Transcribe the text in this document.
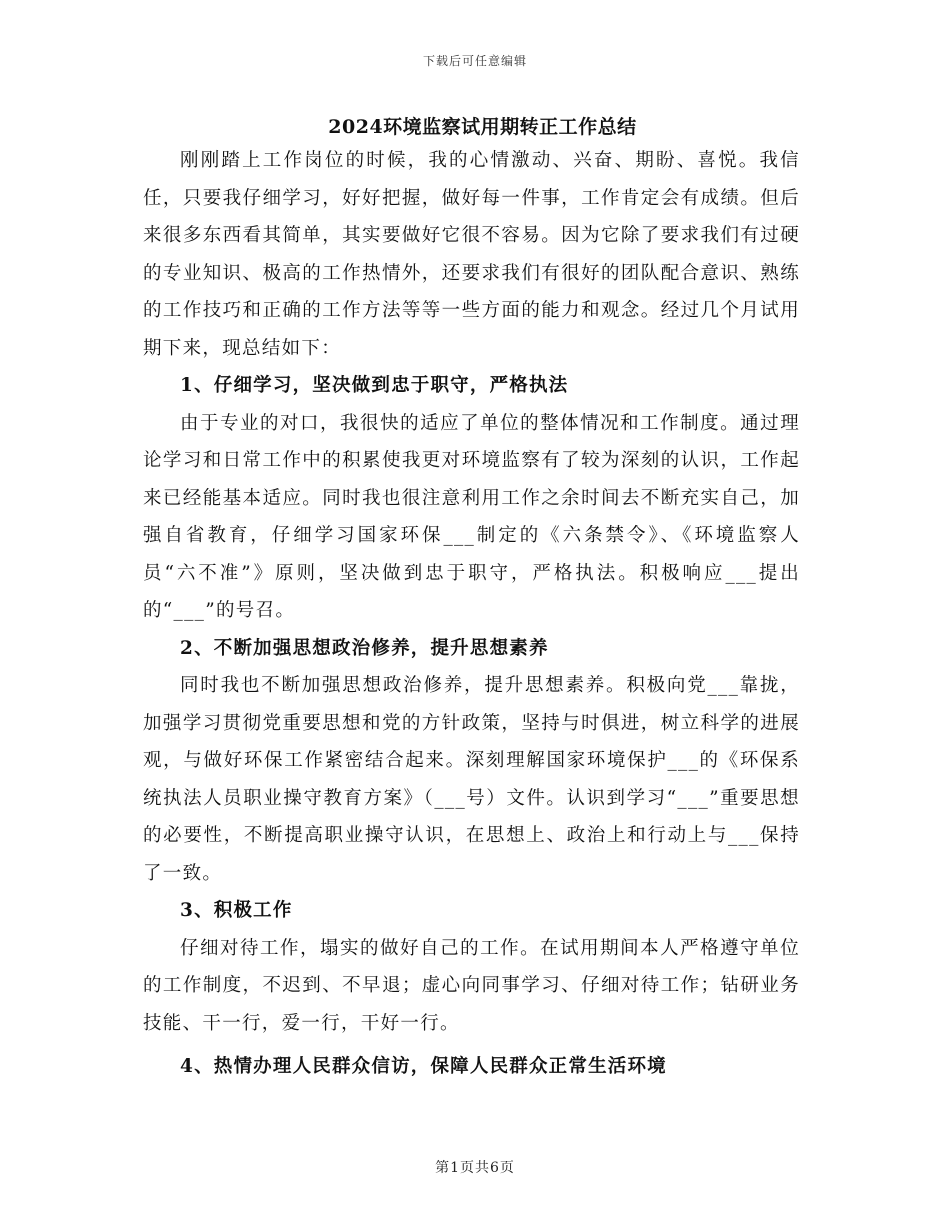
下载后可任意编辑
2024环境监察试用期转正工作总结

刚刚踏上工作岗位的时候，我的心情激动、兴奋、期盼、喜悦。我信任，只要我仔细学习，好好把握，做好每一件事，工作肯定会有成绩。但后来很多东西看其简单，其实要做好它很不容易。因为它除了要求我们有过硬的专业知识、极高的工作热情外，还要求我们有很好的团队配合意识、熟练的工作技巧和正确的工作方法等等一些方面的能力和观念。经过几个月试用期下来，现总结如下：

1、仔细学习，坚决做到忠于职守，严格执法

由于专业的对口，我很快的适应了单位的整体情况和工作制度。通过理论学习和日常工作中的积累使我更对环境监察有了较为深刻的认识，工作起来已经能基本适应。同时我也很注意利用工作之余时间去不断充实自己，加强自省教育，仔细学习国家环保___制定的《六条禁令》、《环境监察人员“六不准”》原则，坚决做到忠于职守，严格执法。积极响应___提出的“___”的号召。

2、不断加强思想政治修养，提升思想素养

同时我也不断加强思想政治修养，提升思想素养。积极向党___靠拢，加强学习贯彻党重要思想和党的方针政策，坚持与时俱进，树立科学的进展观，与做好环保工作紧密结合起来。深刻理解国家环境保护___的《环保系统执法人员职业操守教育方案》（___号）文件。认识到学习“___”重要思想的必要性，不断提高职业操守认识，在思想上、政治上和行动上与___保持了一致。

3、积极工作

仔细对待工作，塌实的做好自己的工作。在试用期间本人严格遵守单位的工作制度，不迟到、不早退；虚心向同事学习、仔细对待工作；钻研业务技能、干一行，爱一行，干好一行。

4、热情办理人民群众信访，保障人民群众正常生活环境

第1页共6页
